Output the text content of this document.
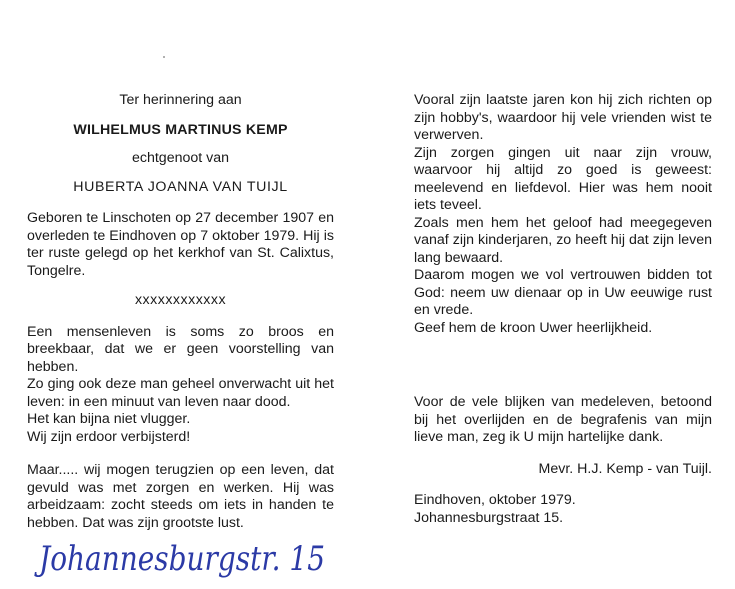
Ter herinnering aan

WILHELMUS MARTINUS KEMP

echtgenoot van

HUBERTA JOANNA VAN TUIJL

Geboren te Linschoten op 27 december 1907 en overleden te Eindhoven op 7 oktober 1979. Hij is ter ruste gelegd op het kerkhof van St. Calixtus, Tongelre.

xxxxxxxxxxxx

Een mensenleven is soms zo broos en breekbaar, dat we er geen voorstelling van hebben.

Zo ging ook deze man geheel onverwacht uit het leven: in een minuut van leven naar dood.

Het kan bijna niet vlugger.

Wij zijn erdoor verbijsterd!

Maar..... wij mogen terugzien op een leven, dat gevuld was met zorgen en werken. Hij was arbeidzaam: zocht steeds om iets in handen te hebben. Dat was zijn grootste lust.

Vooral zijn laatste jaren kon hij zich richten op zijn hobby's, waardoor hij vele vrienden wist te verwerven.

Zijn zorgen gingen uit naar zijn vrouw, waarvoor hij altijd zo goed is geweest: meelevend en liefdevol. Hier was hem nooit iets teveel.

Zoals men hem het geloof had meegegeven vanaf zijn kinderjaren, zo heeft hij dat zijn leven lang bewaard.

Daarom mogen we vol vertrouwen bidden tot God: neem uw dienaar op in Uw eeuwige rust en vrede.

Geef hem de kroon Uwer heerlijkheid.

Voor de vele blijken van medeleven, betoond bij het overlijden en de begrafenis van mijn lieve man, zeg ik U mijn hartelijke dank.

Mevr. H.J. Kemp - van Tuijl.

Eindhoven, oktober 1979.

Johannesburgstraat 15.

Johannesburgstr. 15
